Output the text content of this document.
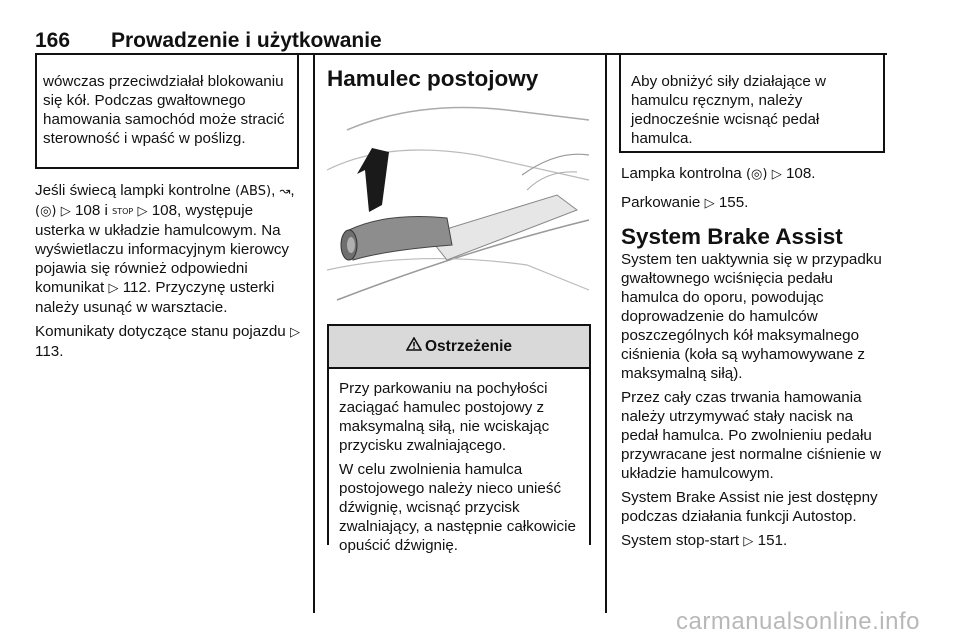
166 Prowadzenie i użytkowanie
wówczas przeciwdziałał blokowaniu się kół. Podczas gwałtownego hamowania samochód może stracić sterowność i wpaść w poślizg.

Jeśli świecą lampki kontrolne (ABS), ↝, (◎) ▷ 108 i STOP ▷ 108, występuje usterka w układzie hamulcowym. Na wyświetlaczu informacyjnym kierowcy pojawia się również odpowiedni komunikat ▷ 112. Przyczynę usterki należy usunąć w warsztacie.

Komunikaty dotyczące stanu pojazdu ▷ 113.

Hamulec postojowy
Ostrzeżenie

Przy parkowaniu na pochyłości zaciągać hamulec postojowy z maksymalną siłą, nie wciskając przycisku zwalniającego.

W celu zwolnienia hamulca postojowego należy nieco unieść dźwignię, wcisnąć przycisk zwalniający, a następnie całkowicie opuścić dźwignię.

Aby obniżyć siły działające w hamulcu ręcznym, należy jednocześnie wcisnąć pedał hamulca.

Lampka kontrolna (◎) ▷ 108.

Parkowanie ▷ 155.

System Brake Assist

System ten uaktywnia się w przypadku gwałtownego wciśnięcia pedału hamulca do oporu, powodując doprowadzenie do hamulców poszczególnych kół maksymalnego ciśnienia (koła są wyhamowywane z maksymalną siłą).

Przez cały czas trwania hamowania należy utrzymywać stały nacisk na pedał hamulca. Po zwolnieniu pedału przywracane jest normalne ciśnienie w układzie hamulcowym.

System Brake Assist nie jest dostępny podczas działania funkcji Autostop.

System stop-start ▷ 151.

carmanualsonline.info
